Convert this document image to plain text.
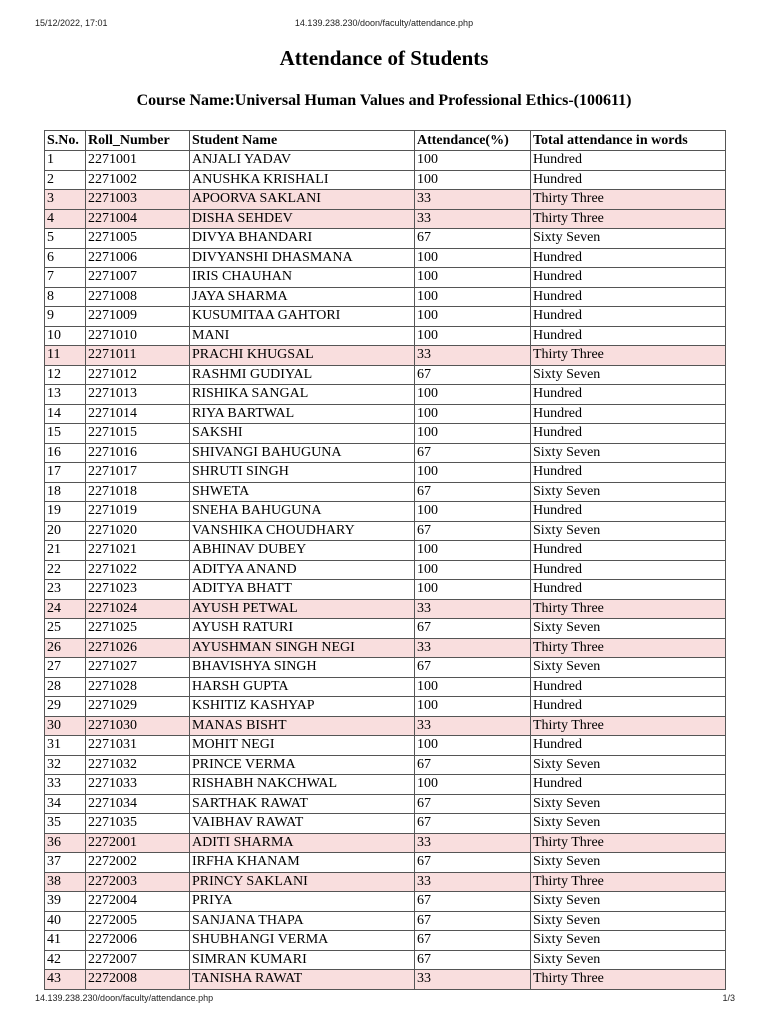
15/12/2022, 17:01	14.139.238.230/doon/faculty/attendance.php
Attendance of Students
Course Name:Universal Human Values and Professional Ethics-(100611)
S.No.	Roll_Number	Student Name	Attendance(%)	Total attendance in words
1	2271001	ANJALI YADAV	100	Hundred
2	2271002	ANUSHKA KRISHALI	100	Hundred
3	2271003	APOORVA SAKLANI	33	Thirty Three
4	2271004	DISHA SEHDEV	33	Thirty Three
5	2271005	DIVYA BHANDARI	67	Sixty Seven
6	2271006	DIVYANSHI DHASMANA	100	Hundred
7	2271007	IRIS CHAUHAN	100	Hundred
8	2271008	JAYA SHARMA	100	Hundred
9	2271009	KUSUMITAA GAHTORI	100	Hundred
10	2271010	MANI	100	Hundred
11	2271011	PRACHI KHUGSAL	33	Thirty Three
12	2271012	RASHMI GUDIYAL	67	Sixty Seven
13	2271013	RISHIKA SANGAL	100	Hundred
14	2271014	RIYA BARTWAL	100	Hundred
15	2271015	SAKSHI	100	Hundred
16	2271016	SHIVANGI BAHUGUNA	67	Sixty Seven
17	2271017	SHRUTI SINGH	100	Hundred
18	2271018	SHWETA	67	Sixty Seven
19	2271019	SNEHA BAHUGUNA	100	Hundred
20	2271020	VANSHIKA CHOUDHARY	67	Sixty Seven
21	2271021	ABHINAV DUBEY	100	Hundred
22	2271022	ADITYA ANAND	100	Hundred
23	2271023	ADITYA BHATT	100	Hundred
24	2271024	AYUSH PETWAL	33	Thirty Three
25	2271025	AYUSH RATURI	67	Sixty Seven
26	2271026	AYUSHMAN SINGH NEGI	33	Thirty Three
27	2271027	BHAVISHYA SINGH	67	Sixty Seven
28	2271028	HARSH GUPTA	100	Hundred
29	2271029	KSHITIZ KASHYAP	100	Hundred
30	2271030	MANAS BISHT	33	Thirty Three
31	2271031	MOHIT NEGI	100	Hundred
32	2271032	PRINCE VERMA	67	Sixty Seven
33	2271033	RISHABH NAKCHWAL	100	Hundred
34	2271034	SARTHAK RAWAT	67	Sixty Seven
35	2271035	VAIBHAV RAWAT	67	Sixty Seven
36	2272001	ADITI SHARMA	33	Thirty Three
37	2272002	IRFHA KHANAM	67	Sixty Seven
38	2272003	PRINCY SAKLANI	33	Thirty Three
39	2272004	PRIYA	67	Sixty Seven
40	2272005	SANJANA THAPA	67	Sixty Seven
41	2272006	SHUBHANGI VERMA	67	Sixty Seven
42	2272007	SIMRAN KUMARI	67	Sixty Seven
43	2272008	TANISHA RAWAT	33	Thirty Three
14.139.238.230/doon/faculty/attendance.php	1/3
